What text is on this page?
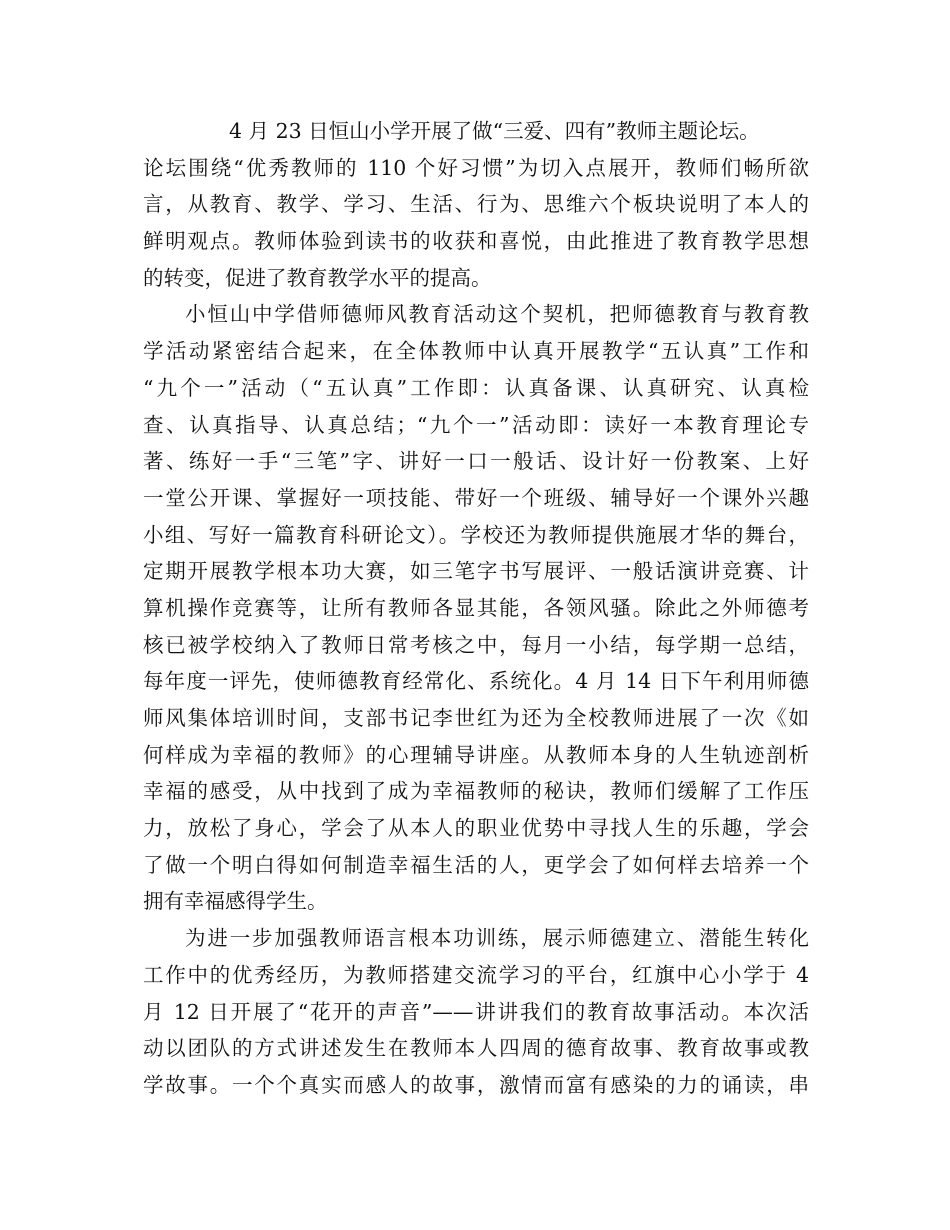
4 月 23 日恒山小学开展了做“三爱、四有”教师主题论坛。
论坛围绕“优秀教师的 110 个好习惯”为切入点展开，教师们畅所欲
言，从教育、教学、学习、生活、行为、思维六个板块说明了本人的
鲜明观点。教师体验到读书的收获和喜悦，由此推进了教育教学思想
的转变，促进了教育教学水平的提高。
小恒山中学借师德师风教育活动这个契机，把师德教育与教育教
学活动紧密结合起来，在全体教师中认真开展教学“五认真”工作和
“九个一”活动（“五认真”工作即：认真备课、认真研究、认真检
查、认真指导、认真总结；“九个一”活动即：读好一本教育理论专
著、练好一手“三笔”字、讲好一口一般话、设计好一份教案、上好
一堂公开课、掌握好一项技能、带好一个班级、辅导好一个课外兴趣
小组、写好一篇教育科研论文）。学校还为教师提供施展才华的舞台，
定期开展教学根本功大赛，如三笔字书写展评、一般话演讲竞赛、计
算机操作竞赛等，让所有教师各显其能，各领风骚。除此之外师德考
核已被学校纳入了教师日常考核之中，每月一小结，每学期一总结，
每年度一评先，使师德教育经常化、系统化。4 月 14 日下午利用师德
师风集体培训时间，支部书记李世红为还为全校教师进展了一次《如
何样成为幸福的教师》的心理辅导讲座。从教师本身的人生轨迹剖析
幸福的感受，从中找到了成为幸福教师的秘诀，教师们缓解了工作压
力，放松了身心，学会了从本人的职业优势中寻找人生的乐趣，学会
了做一个明白得如何制造幸福生活的人，更学会了如何样去培养一个
拥有幸福感得学生。
为进一步加强教师语言根本功训练，展示师德建立、潜能生转化
工作中的优秀经历，为教师搭建交流学习的平台，红旗中心小学于 4
月 12 日开展了“花开的声音”——讲讲我们的教育故事活动。本次活
动以团队的方式讲述发生在教师本人四周的德育故事、教育故事或教
学故事。一个个真实而感人的故事，激情而富有感染的力的诵读，串
